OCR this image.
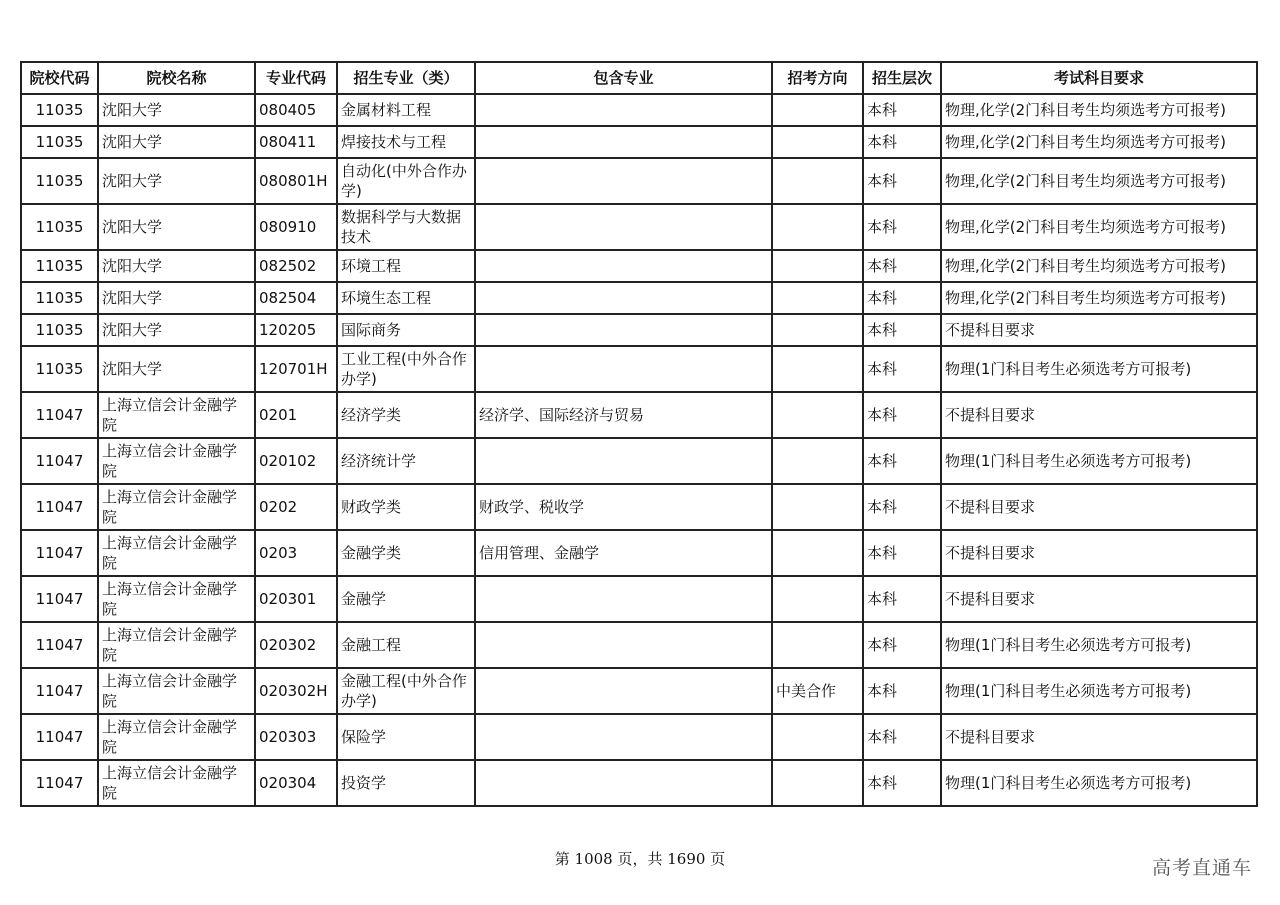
院校代码	院校名称	专业代码	招生专业（类）	包含专业	招考方向	招生层次	考试科目要求
11035	沈阳大学	080405	金属材料工程			本科	物理,化学(2门科目考生均须选考方可报考)
11035	沈阳大学	080411	焊接技术与工程			本科	物理,化学(2门科目考生均须选考方可报考)
11035	沈阳大学	080801H	自动化(中外合作办学)			本科	物理,化学(2门科目考生均须选考方可报考)
11035	沈阳大学	080910	数据科学与大数据技术			本科	物理,化学(2门科目考生均须选考方可报考)
11035	沈阳大学	082502	环境工程			本科	物理,化学(2门科目考生均须选考方可报考)
11035	沈阳大学	082504	环境生态工程			本科	物理,化学(2门科目考生均须选考方可报考)
11035	沈阳大学	120205	国际商务			本科	不提科目要求
11035	沈阳大学	120701H	工业工程(中外合作办学)			本科	物理(1门科目考生必须选考方可报考)
11047	上海立信会计金融学院	0201	经济学类	经济学、国际经济与贸易		本科	不提科目要求
11047	上海立信会计金融学院	020102	经济统计学			本科	物理(1门科目考生必须选考方可报考)
11047	上海立信会计金融学院	0202	财政学类	财政学、税收学		本科	不提科目要求
11047	上海立信会计金融学院	0203	金融学类	信用管理、金融学		本科	不提科目要求
11047	上海立信会计金融学院	020301	金融学			本科	不提科目要求
11047	上海立信会计金融学院	020302	金融工程			本科	物理(1门科目考生必须选考方可报考)
11047	上海立信会计金融学院	020302H	金融工程(中外合作办学)		中美合作	本科	物理(1门科目考生必须选考方可报考)
11047	上海立信会计金融学院	020303	保险学			本科	不提科目要求
11047	上海立信会计金融学院	020304	投资学			本科	物理(1门科目考生必须选考方可报考)
第 1008 页，共 1690 页	高考直通车
